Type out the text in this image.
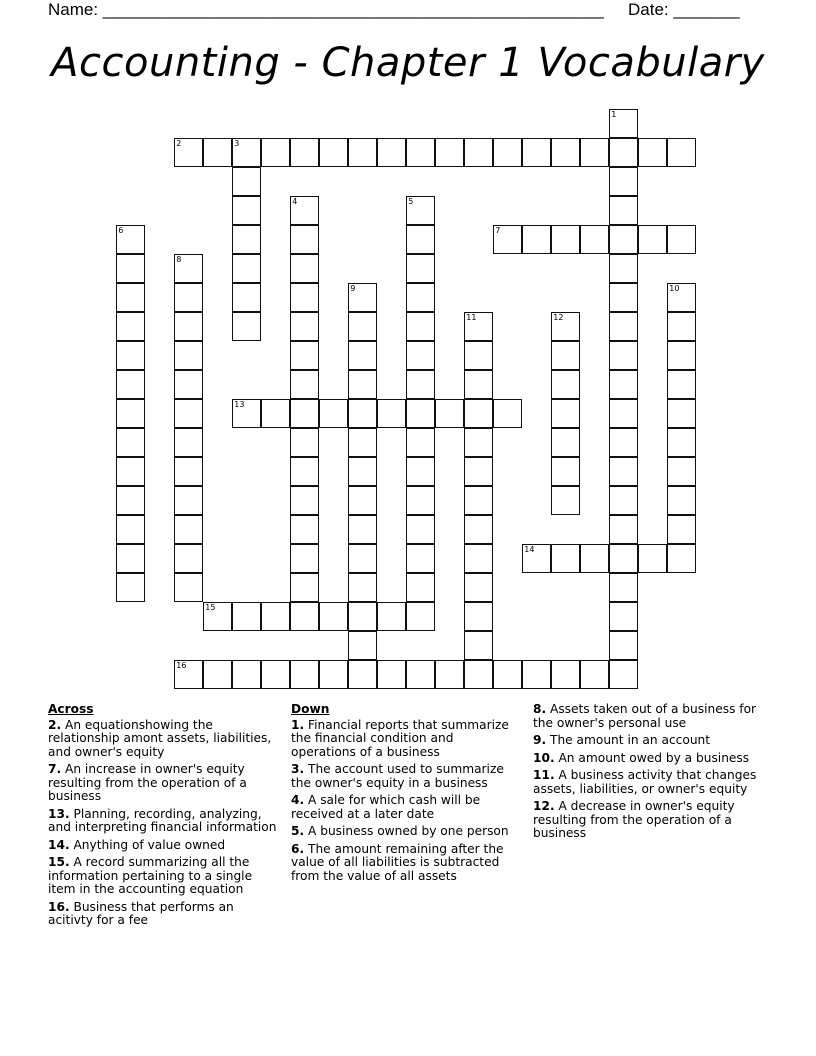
Name: _____________________________________________________ Date: _______
Accounting - Chapter 1 Vocabulary
1
2	3
4	5
6	7
8
9	10
11	12
13
14
15
16
Across
2. An equationshowing the relationship amont assets, liabilities, and owner's equity
7. An increase in owner's equity resulting from the operation of a business
13. Planning, recording, analyzing, and interpreting financial information
14. Anything of value owned
15. A record summarizing all the information pertaining to a single item in the accounting equation
16. Business that performs an acitivty for a fee
Down
1. Financial reports that summarize the financial condition and operations of a business
3. The account used to summarize the owner's equity in a business
4. A sale for which cash will be received at a later date
5. A business owned by one person
6. The amount remaining after the value of all liabilities is subtracted from the value of all assets
8. Assets taken out of a business for the owner's personal use
9. The amount in an account
10. An amount owed by a business
11. A business activity that changes assets, liabilities, or owner's equity
12. A decrease in owner's equity resulting from the operation of a business
